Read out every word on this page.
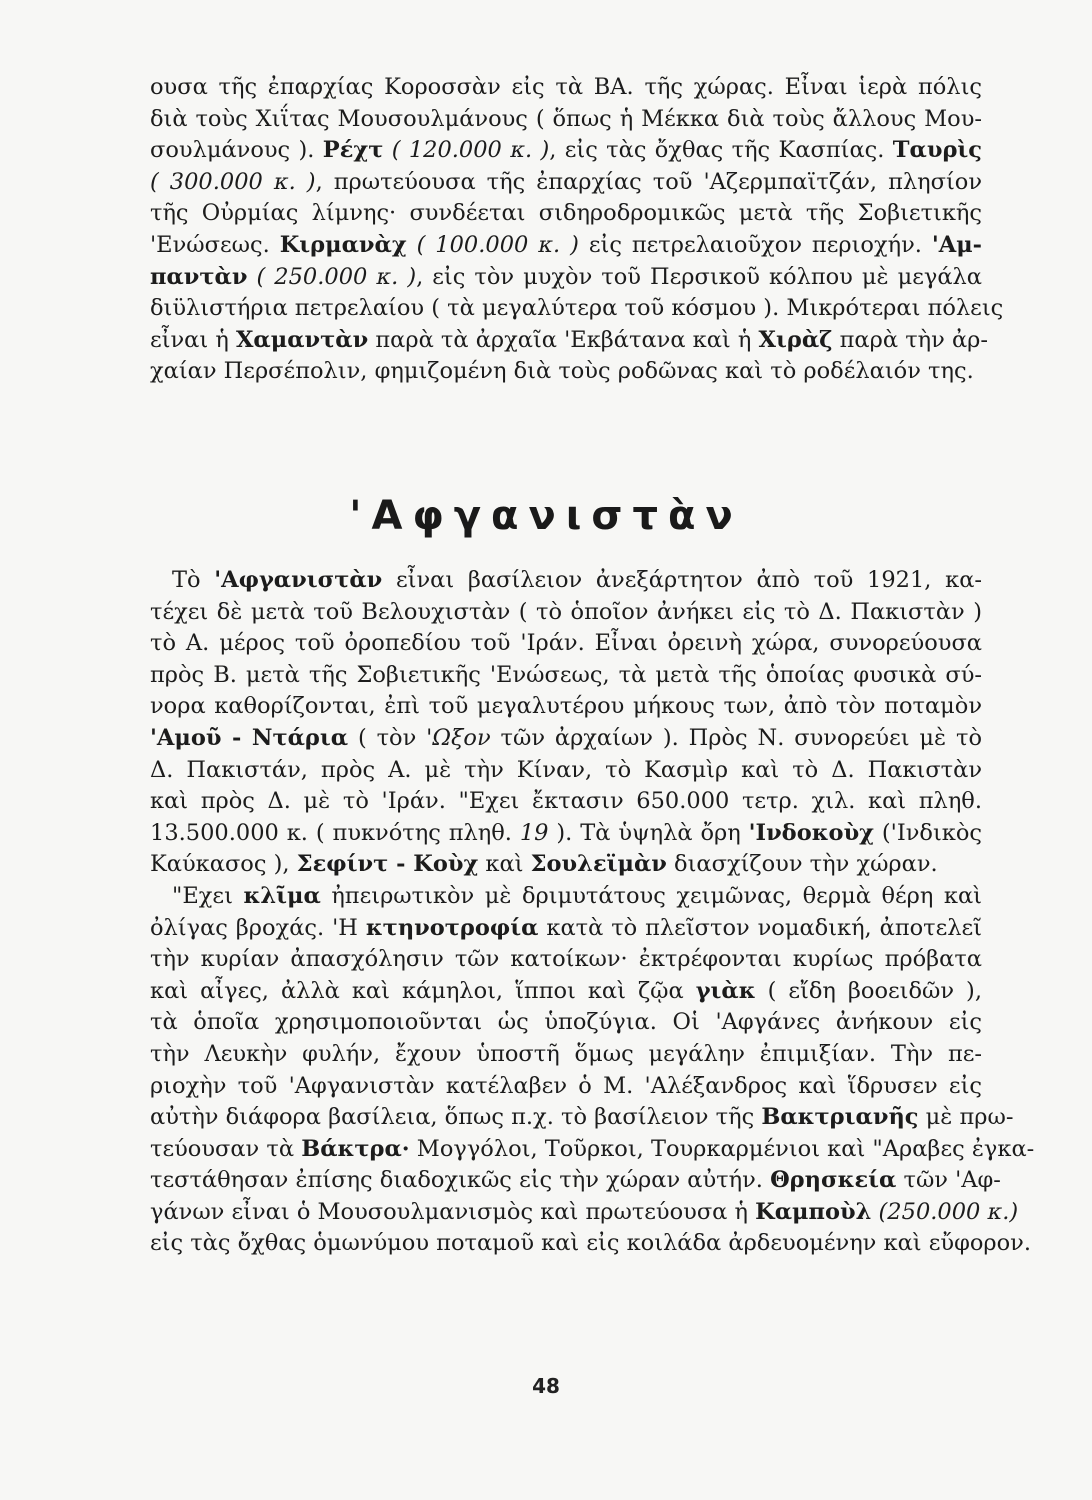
ουσα τῆς ἐπαρχίας Κοροσσὰν εἰς τὰ ΒΑ. τῆς χώρας. Εἶναι ἱερὰ πόλις
διὰ τοὺς Χιΐτας Μουσουλμάνους ( ὅπως ἡ Μέκκα διὰ τοὺς ἄλλους Μου-
σουλμάνους ). Ρέχτ ( 120.000 κ. ), εἰς τὰς ὄχθας τῆς Κασπίας. Ταυρὶς
( 300.000 κ. ), πρωτεύουσα τῆς ἐπαρχίας τοῦ 'Αζερμπαϊτζάν, πλησίον
τῆς Οὐρμίας λίμνης· συνδέεται σιδηροδρομικῶς μετὰ τῆς Σοβιετικῆς
'Ενώσεως. Κιρμανὰχ ( 100.000 κ. ) εἰς πετρελαιοῦχον περιοχήν. 'Αμ-
παντὰν ( 250.000 κ. ), εἰς τὸν μυχὸν τοῦ Περσικοῦ κόλπου μὲ μεγάλα
διϋλιστήρια πετρελαίου ( τὰ μεγαλύτερα τοῦ κόσμου ). Μικρότεραι πόλεις
εἶναι ἡ Χαμαντὰν παρὰ τὰ ἀρχαῖα 'Εκβάτανα καὶ ἡ Χιρὰζ παρὰ τὴν ἀρ-
χαίαν Περσέπολιν, φημιζομένη διὰ τοὺς ροδῶνας καὶ τὸ ροδέλαιόν της.
'Αφγανιστὰν
Τὸ 'Αφγανιστὰν εἶναι βασίλειον ἀνεξάρτητον ἀπὸ τοῦ 1921, κα-
τέχει δὲ μετὰ τοῦ Βελουχιστὰν ( τὸ ὁποῖον ἀνήκει εἰς τὸ Δ. Πακιστὰν )
τὸ Α. μέρος τοῦ ὀροπεδίου τοῦ 'Ιράν. Εἶναι ὀρεινὴ χώρα, συνορεύουσα
πρὸς Β. μετὰ τῆς Σοβιετικῆς 'Ενώσεως, τὰ μετὰ τῆς ὁποίας φυσικὰ σύ-
νορα καθορίζονται, ἐπὶ τοῦ μεγαλυτέρου μήκους των, ἀπὸ τὸν ποταμὸν
'Αμοῦ - Ντάρια ( τὸν 'Ωξον τῶν ἀρχαίων ). Πρὸς Ν. συνορεύει μὲ τὸ
Δ. Πακιστάν, πρὸς Α. μὲ τὴν Κίναν, τὸ Κασμὶρ καὶ τὸ Δ. Πακιστὰν
καὶ πρὸς Δ. μὲ τὸ 'Ιράν. "Εχει ἔκτασιν 650.000 τετρ. χιλ. καὶ πληθ.
13.500.000 κ. ( πυκνότης πληθ. 19 ). Τὰ ὑψηλὰ ὄρη 'Ινδοκοὺχ ('Ινδικὸς
Καύκασος ), Σεφίντ - Κοὺχ καὶ Σουλεϊμὰν διασχίζουν τὴν χώραν.
"Εχει κλῖμα ἠπειρωτικὸν μὲ δριμυτάτους χειμῶνας, θερμὰ θέρη καὶ
ὀλίγας βροχάς. 'Η κτηνοτροφία κατὰ τὸ πλεῖστον νομαδική, ἀποτελεῖ
τὴν κυρίαν ἀπασχόλησιν τῶν κατοίκων· ἐκτρέφονται κυρίως πρόβατα
καὶ αἶγες, ἀλλὰ καὶ κάμηλοι, ἵπποι καὶ ζῷα γιὰκ ( εἴδη βοοειδῶν ),
τὰ ὁποῖα χρησιμοποιοῦνται ὡς ὑποζύγια. Οἱ 'Αφγάνες ἀνήκουν εἰς
τὴν Λευκὴν φυλήν, ἔχουν ὑποστῆ ὅμως μεγάλην ἐπιμιξίαν. Τὴν πε-
ριοχὴν τοῦ 'Αφγανιστὰν κατέλαβεν ὁ Μ. 'Αλέξανδρος καὶ ἵδρυσεν εἰς
αὐτὴν διάφορα βασίλεια, ὅπως π.χ. τὸ βασίλειον τῆς Βακτριανῆς μὲ πρω-
τεύουσαν τὰ Βάκτρα· Μογγόλοι, Τοῦρκοι, Τουρκαρμένιοι καὶ "Αραβες ἐγκα-
τεστάθησαν ἐπίσης διαδοχικῶς εἰς τὴν χώραν αὐτήν. Θρησκεία τῶν 'Αφ-
γάνων εἶναι ὁ Μουσουλμανισμὸς καὶ πρωτεύουσα ἡ Καμποὺλ (250.000 κ.)
εἰς τὰς ὄχθας ὁμωνύμου ποταμοῦ καὶ εἰς κοιλάδα ἀρδευομένην καὶ εὔφορον.
48
